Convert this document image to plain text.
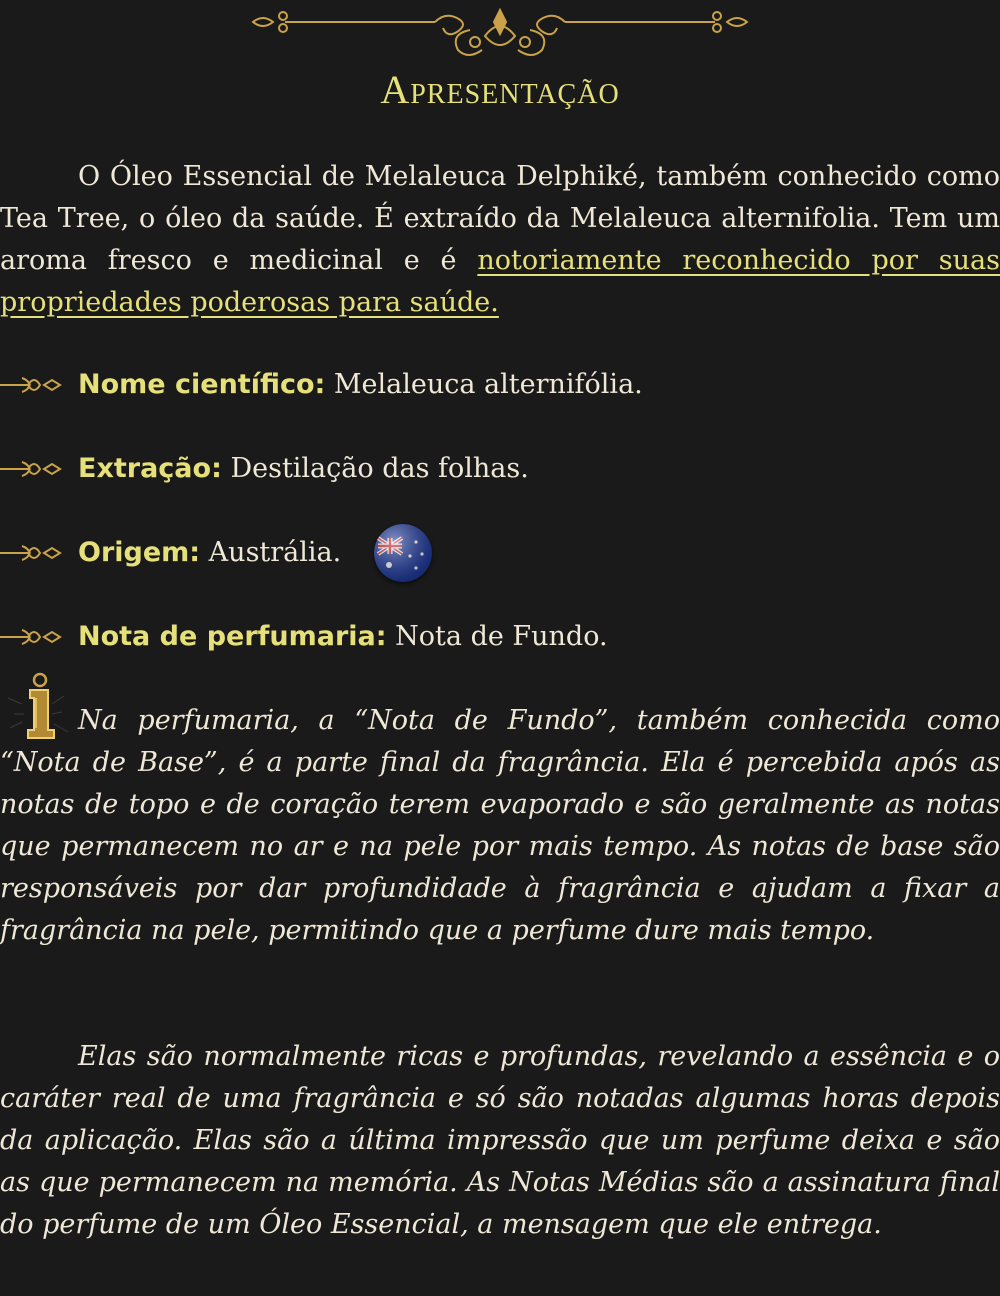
Apresentação

O Óleo Essencial de Melaleuca Delphiké, também conhecido como Tea Tree, o óleo da saúde. É extraído da Melaleuca alternifolia. Tem um aroma fresco e medicinal e é notoriamente reconhecido por suas propriedades poderosas para saúde.

Nome científico: Melaleuca alternifólia.
Extração: Destilação das folhas.
Origem: Austrália.
Nota de perfumaria: Nota de Fundo.

Na perfumaria, a “Nota de Fundo”, também conhecida como “Nota de Base”, é a parte final da fragrância. Ela é percebida após as notas de topo e de coração terem evaporado e são geralmente as notas que permanecem no ar e na pele por mais tempo. As notas de base são responsáveis por dar profundidade à fragrância e ajudam a fixar a fragrância na pele, permitindo que a perfume dure mais tempo.

Elas são normalmente ricas e profundas, revelando a essência e o caráter real de uma fragrância e só são notadas algumas horas depois da aplicação. Elas são a última impressão que um perfume deixa e são as que permanecem na memória. As Notas Médias são a assinatura final do perfume de um Óleo Essencial, a mensagem que ele entrega.
